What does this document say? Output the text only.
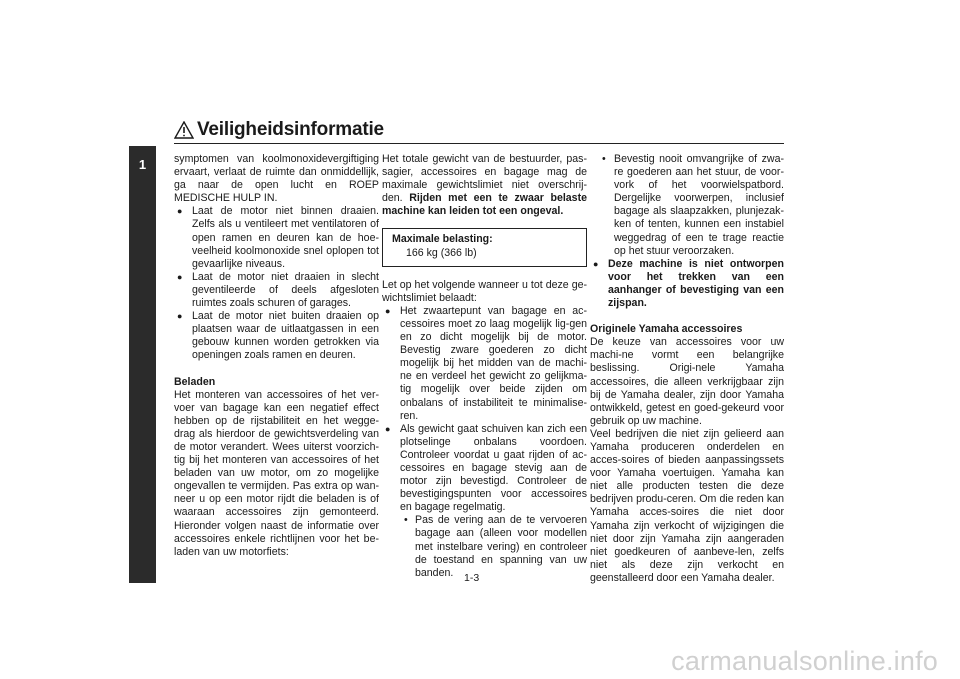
Veiligheidsinformatie
1	symptomen van koolmonoxidevergiftiging ervaart, verlaat de ruimte dan onmiddellijk, ga naar de open lucht en ROEP MEDISCHE HULP IN.

● Laat de motor niet binnen draaien. Zelfs als u ventileert met ventilatoren of open ramen en deuren kan de hoe-veelheid koolmonoxide snel oplopen tot gevaarlijke niveaus.
● Laat de motor niet draaien in slecht geventileerde of deels afgesloten ruimtes zoals schuren of garages.
● Laat de motor niet buiten draaien op plaatsen waar de uitlaatgassen in een gebouw kunnen worden getrokken via openingen zoals ramen en deuren.

Beladen

Het monteren van accessoires of het ver-voer van bagage kan een negatief effect hebben op de rijstabiliteit en het wegge-drag als hierdoor de gewichtsverdeling van de motor verandert. Wees uiterst voorzich-tig bij het monteren van accessoires of het beladen van uw motor, om zo mogelijke ongevallen te vermijden. Pas extra op wan-neer u op een motor rijdt die beladen is of waaraan accessoires zijn gemonteerd. Hieronder volgen naast de informatie over accessoires enkele richtlijnen voor het be-laden van uw motorfiets:

Het totale gewicht van de bestuurder, pas-sagier, accessoires en bagage mag de maximale gewichtslimiet niet overschrij-den. Rijden met een te zwaar belaste machine kan leiden tot een ongeval.

Maximale belasting:
166 kg (366 lb)

Let op het volgende wanneer u tot deze ge-wichtslimiet belaadt:

● Het zwaartepunt van bagage en ac-cessoires moet zo laag mogelijk lig-gen en zo dicht mogelijk bij de motor. Bevestig zware goederen zo dicht mogelijk bij het midden van de machi-ne en verdeel het gewicht zo gelijkma-tig mogelijk over beide zijden om onbalans of instabiliteit te minimalise-ren.
● Als gewicht gaat schuiven kan zich een plotselinge onbalans voordoen. Controleer voordat u gaat rijden of ac-cessoires en bagage stevig aan de motor zijn bevestigd. Controleer de bevestigingspunten voor accessoires en bagage regelmatig.
• Pas de vering aan de te vervoeren bagage aan (alleen voor modellen met instelbare vering) en controleer de toestand en spanning van uw banden.
• Bevestig nooit omvangrijke of zwa-re goederen aan het stuur, de voor-vork of het voorwielspatbord. Dergelijke voorwerpen, inclusief bagage als slaapzakken, plunjezak-ken of tenten, kunnen een instabiel weggedrag of een te trage reactie op het stuur veroorzaken.
● Deze machine is niet ontworpen voor het trekken van een aanhanger of bevestiging van een zijspan.

Originele Yamaha accessoires

De keuze van accessoires voor uw machi-ne vormt een belangrijke beslissing. Origi-nele Yamaha accessoires, die alleen verkrijgbaar zijn bij de Yamaha dealer, zijn door Yamaha ontwikkeld, getest en goed-gekeurd voor gebruik op uw machine.

Veel bedrijven die niet zijn gelieerd aan Yamaha produceren onderdelen en acces-soires of bieden aanpassingssets voor Yamaha voertuigen. Yamaha kan niet alle producten testen die deze bedrijven produ-ceren. Om die reden kan Yamaha acces-soires die niet door Yamaha zijn verkocht of wijzigingen die niet door zijn Yamaha zijn aangeraden niet goedkeuren of aanbeve-len, zelfs niet als deze zijn verkocht en geenstalleerd door een Yamaha dealer.

1-3
carmanualsonline.info
